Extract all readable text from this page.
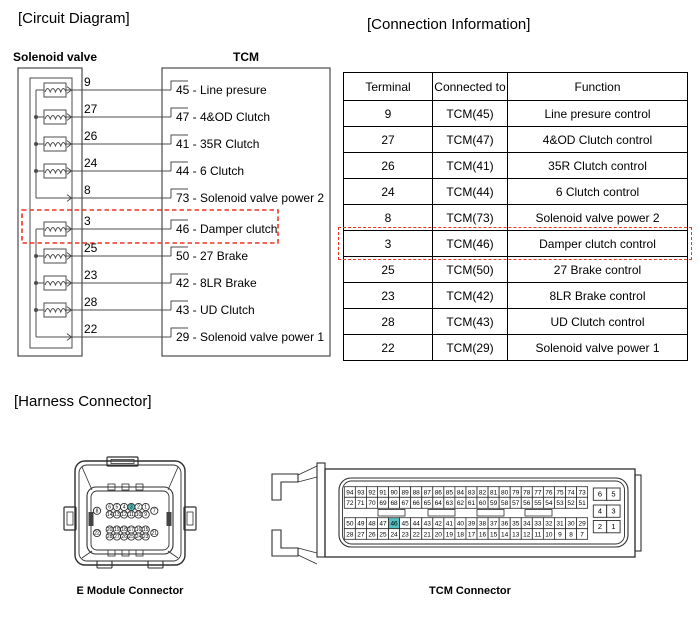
[Circuit Diagram]	[Connection Information]
Solenoid valve	TCM
9
45 - Line presure
27
47 - 4&OD Clutch
26
41 - 35R Clutch
24
44 - 6 Clutch
8
73 - Solenoid valve power 2
3
46 - Damper clutch
25
50 - 27 Brake
23
42 - 8LR Brake
28
43 - UD Clutch
22
29 - Solenoid valve power 1
Terminal	Connected to	Function
9	TCM(45)	Line presure control
27	TCM(47)	4&OD Clutch control
26	TCM(41)	35R Clutch control
24	TCM(44)	6 Clutch control
8	TCM(73)	Solenoid valve power 2
3	TCM(46)	Damper clutch control
25	TCM(50)	27 Brake control
23	TCM(42)	8LR Brake control
28	TCM(43)	UD Clutch control
22	TCM(29)	Solenoid valve power 1
[Harness Connector]
6 5 4 3 2 1
14 13 12 11 10 9
8	7
20 19 18 17 16 15
28 27 26 25 24 23
22	21
94 93 92 91 90 89 88 87 86 85 84 83 82 81 80 79 78 77 76 75 74 73
72 71 70 69 68 67 66 65 64 63 62 61 60 59 58 57 56 55 54 53 52 51
50 49 48 47 46 45 44 43 42 41 40 39 38 37 36 35 34 33 32 31 30 29
28 27 26 25 24 23 22 21 20 19 18 17 16 15 14 13 12 11 10 9 8 7
6 5
4 3
2 1
E Module Connector	TCM Connector
